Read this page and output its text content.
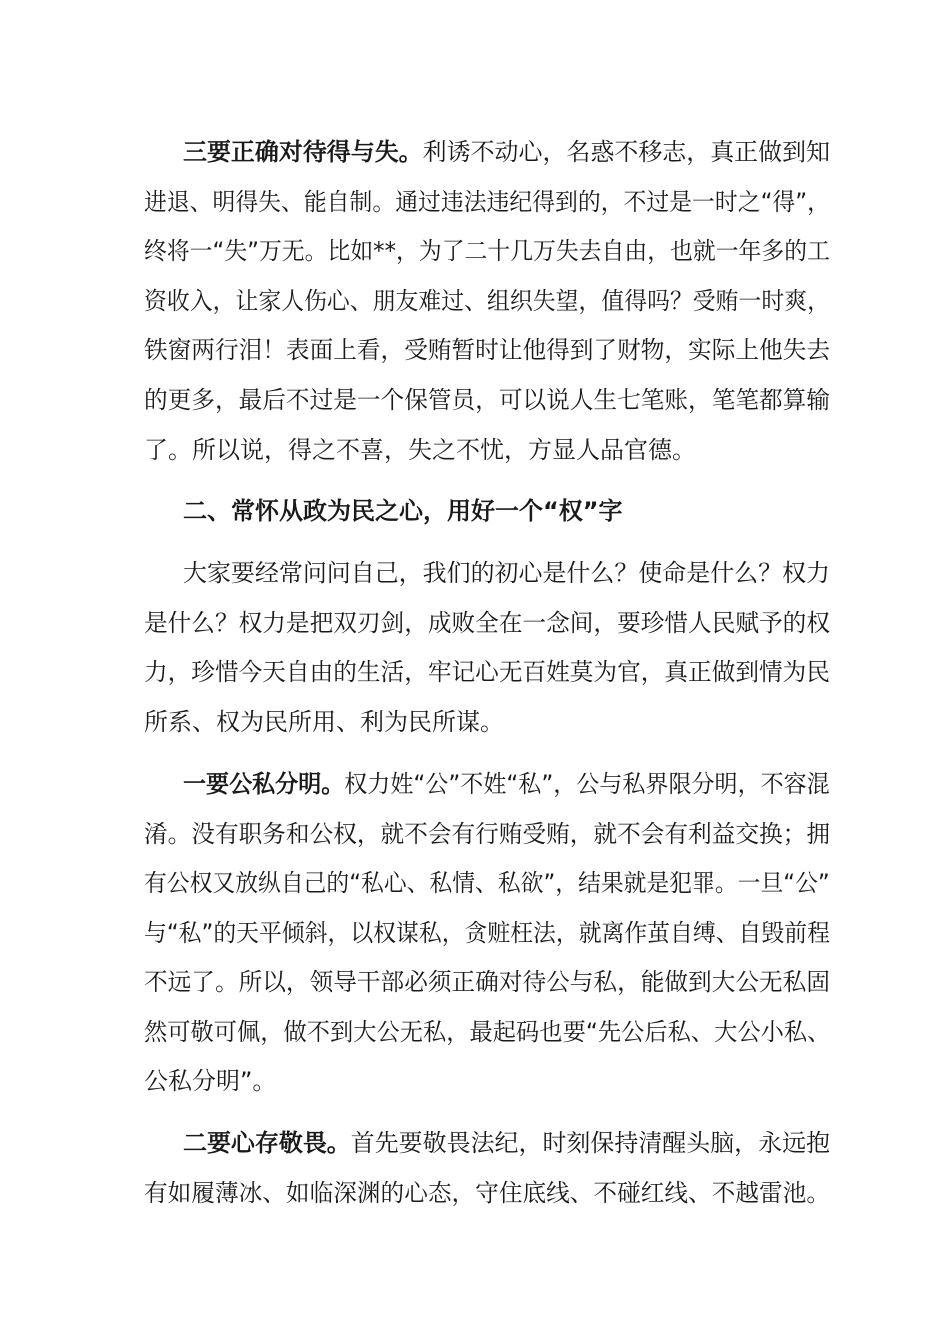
三要正确对待得与失。利诱不动心，名惑不移志，真正做到知
进退、明得失、能自制。通过违法违纪得到的，不过是一时之“得”，
终将一“失”万无。比如**，为了二十几万失去自由，也就一年多的工
资收入，让家人伤心、朋友难过、组织失望，值得吗？受贿一时爽，
铁窗两行泪！表面上看，受贿暂时让他得到了财物，实际上他失去
的更多，最后不过是一个保管员，可以说人生七笔账，笔笔都算输
了。所以说，得之不喜，失之不忧，方显人品官德。
二、常怀从政为民之心，用好一个“权”字
大家要经常问问自己，我们的初心是什么？使命是什么？权力
是什么？权力是把双刃剑，成败全在一念间，要珍惜人民赋予的权
力，珍惜今天自由的生活，牢记心无百姓莫为官，真正做到情为民
所系、权为民所用、利为民所谋。
一要公私分明。权力姓“公”不姓“私”，公与私界限分明，不容混
淆。没有职务和公权，就不会有行贿受贿，就不会有利益交换；拥
有公权又放纵自己的“私心、私情、私欲”，结果就是犯罪。一旦“公”
与“私”的天平倾斜，以权谋私，贪赃枉法，就离作茧自缚、自毁前程
不远了。所以，领导干部必须正确对待公与私，能做到大公无私固
然可敬可佩，做不到大公无私，最起码也要“先公后私、大公小私、
公私分明”。
二要心存敬畏。首先要敬畏法纪，时刻保持清醒头脑，永远抱
有如履薄冰、如临深渊的心态，守住底线、不碰红线、不越雷池。
